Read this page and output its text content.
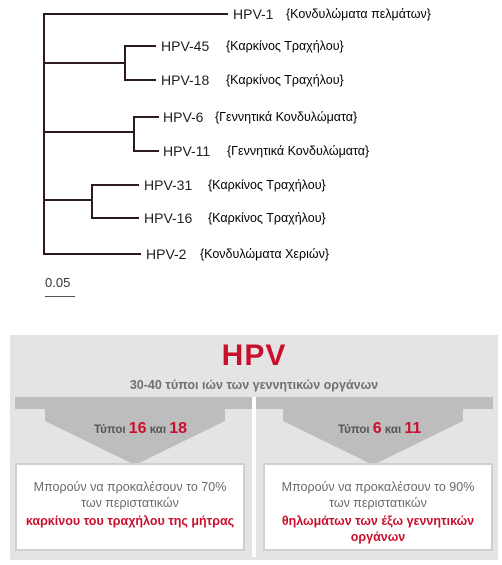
HPV-1 {Κονδυλώματα πελμάτων}
HPV-45 {Καρκίνος Τραχήλου}
HPV-18 {Καρκίνος Τραχήλου}
HPV-6 {Γεννητικά Κονδυλώματα}
HPV-11 {Γεννητικά Κονδυλώματα}
HPV-31 {Καρκίνος Τραχήλου}
HPV-16 {Καρκίνος Τραχήλου}
HPV-2 {Κονδυλώματα Χεριών}
0.05
HPV
30-40 τύποι ιών των γεννητικών οργάνων
Τύποι 16 και 18	Τύποι 6 και 11
Μπορούν να προκαλέσουν το 70%
των περιστατικών
καρκίνου του τραχήλου της μήτρας
Μπορούν να προκαλέσουν το 90%
των περιστατικών
θηλωμάτων των έξω γεννητικών
οργάνων
